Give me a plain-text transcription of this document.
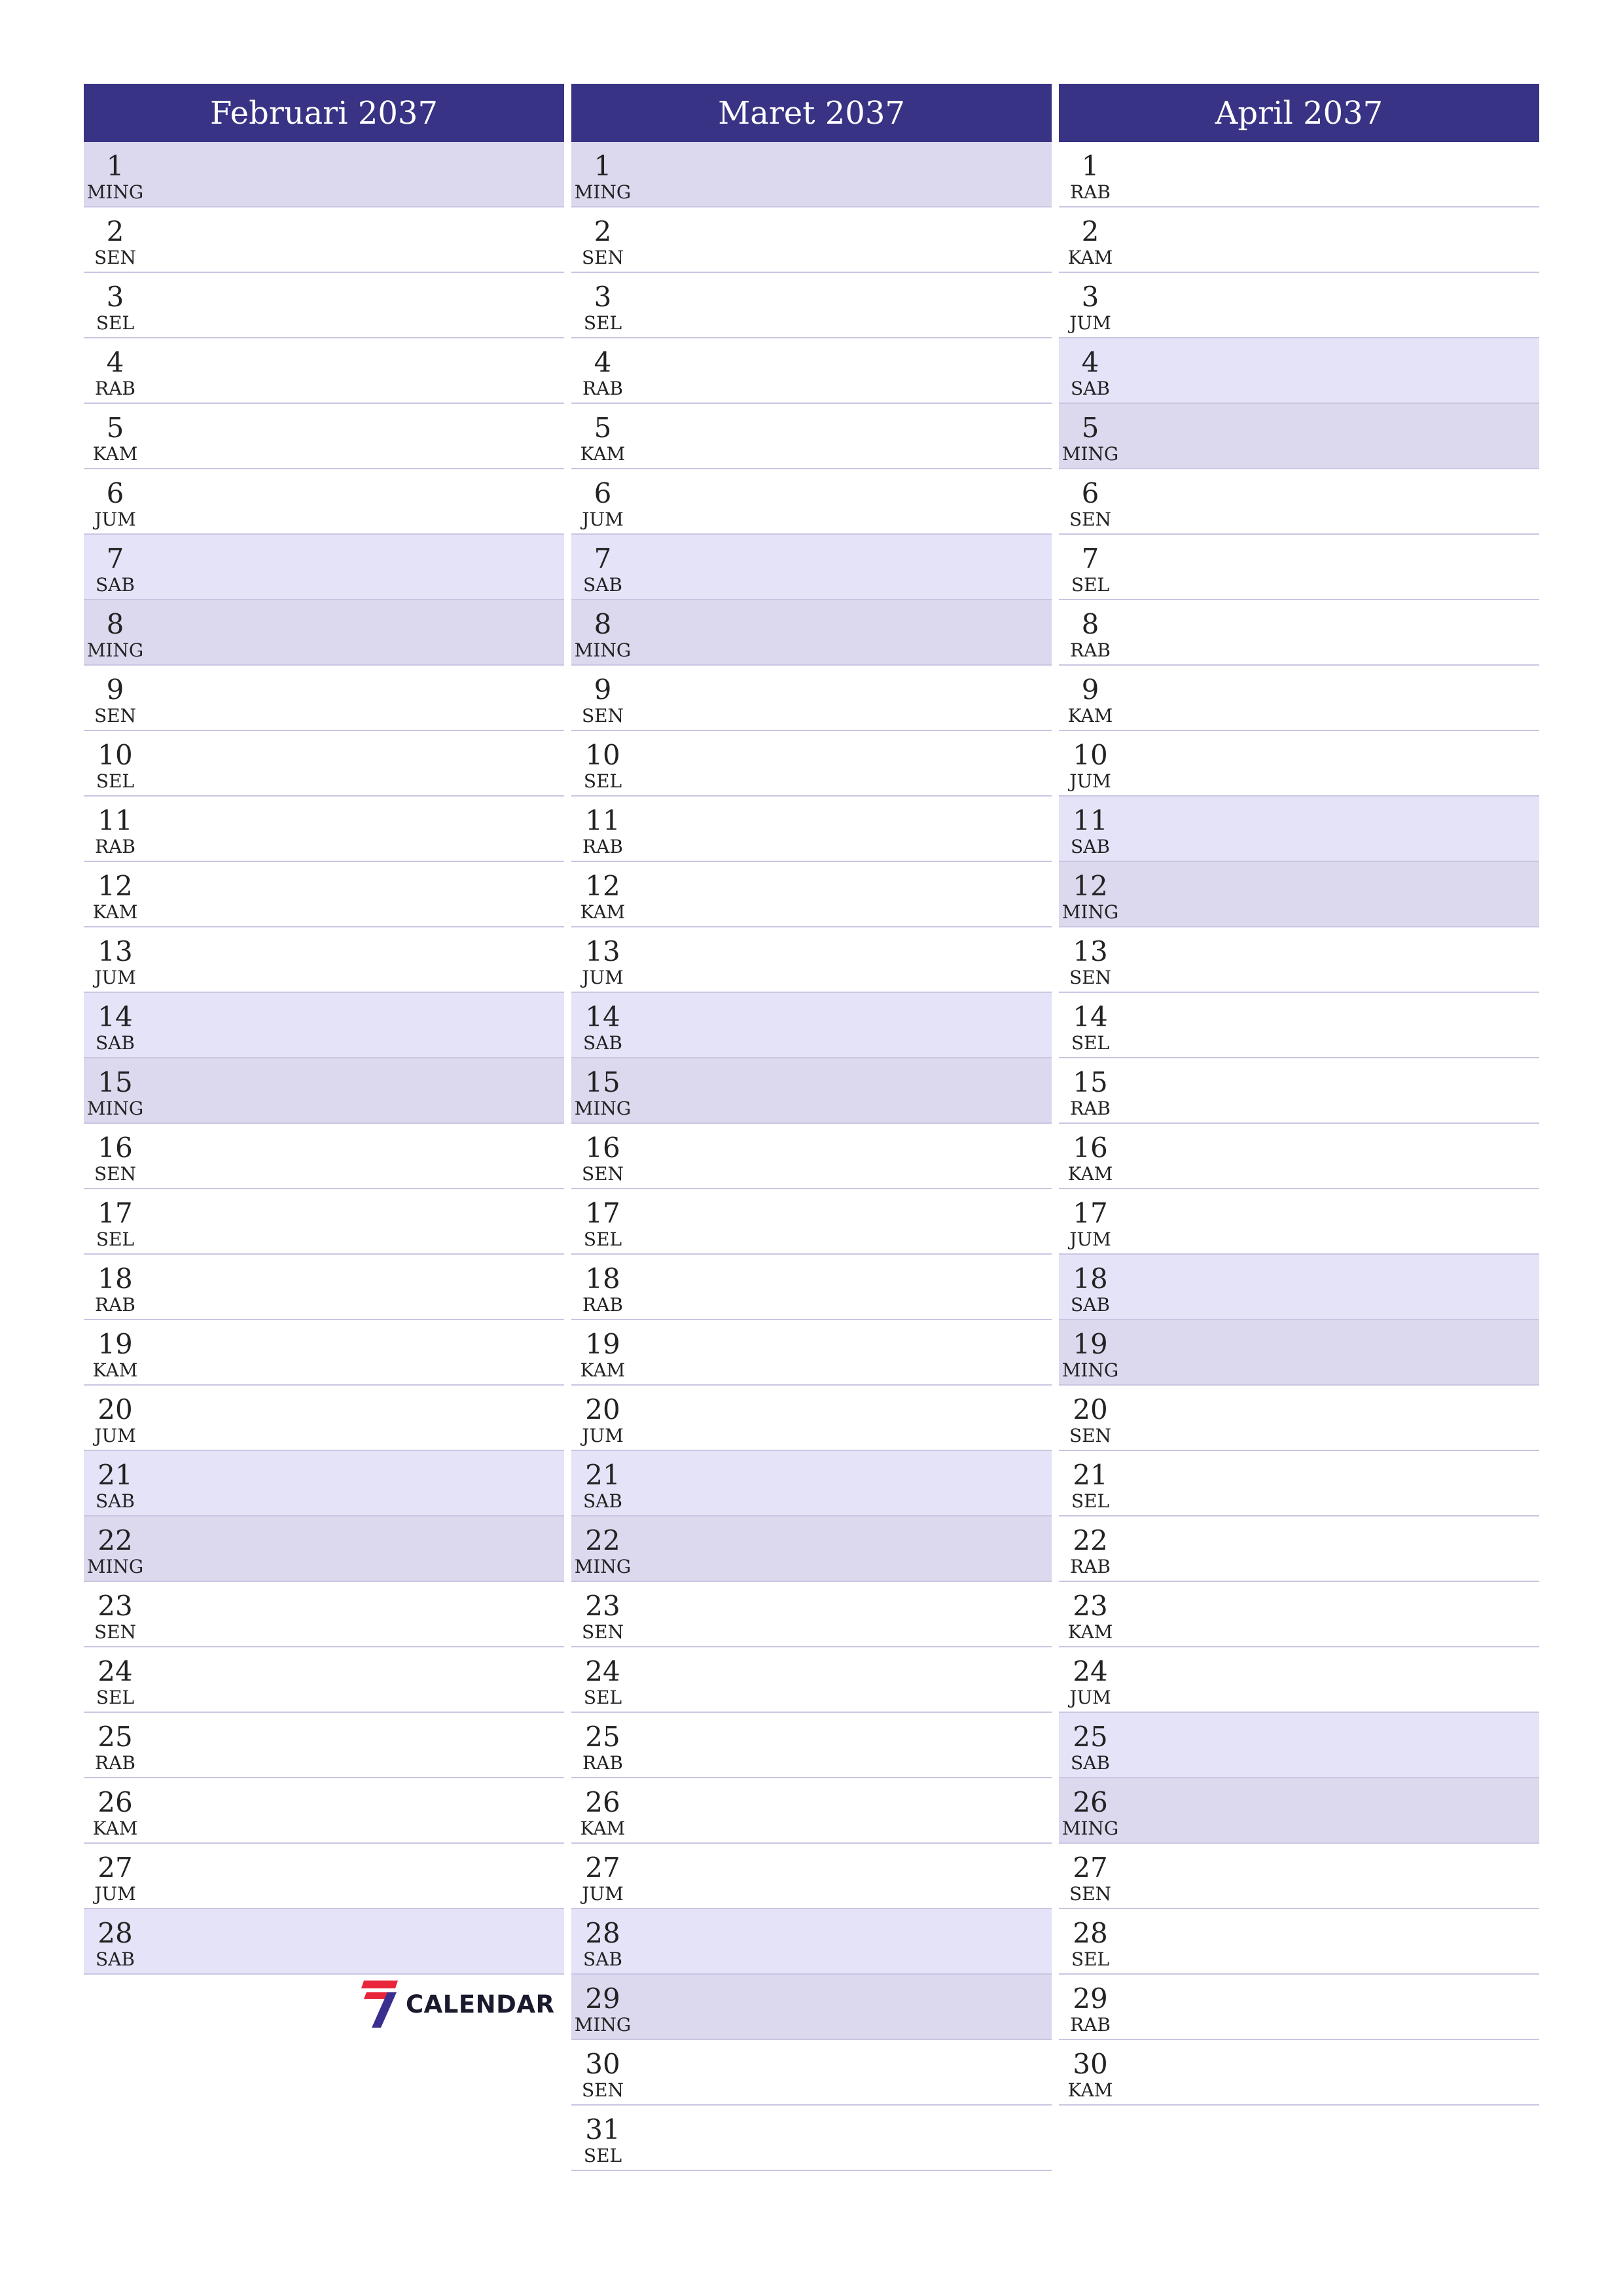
Februari 2037
1
MING
2
SEN
3
SEL
4
RAB
5
KAM
6
JUM
7
SAB
8
MING
9
SEN
10
SEL
11
RAB
12
KAM
13
JUM
14
SAB
15
MING
16
SEN
17
SEL
18
RAB
19
KAM
20
JUM
21
SAB
22
MING
23
SEN
24
SEL
25
RAB
26
KAM
27
JUM
28
SAB
Maret 2037
1
MING
2
SEN
3
SEL
4
RAB
5
KAM
6
JUM
7
SAB
8
MING
9
SEN
10
SEL
11
RAB
12
KAM
13
JUM
14
SAB
15
MING
16
SEN
17
SEL
18
RAB
19
KAM
20
JUM
21
SAB
22
MING
23
SEN
24
SEL
25
RAB
26
KAM
27
JUM
28
SAB
29
MING
30
SEN
31
SEL
April 2037
1
RAB
2
KAM
3
JUM
4
SAB
5
MING
6
SEN
7
SEL
8
RAB
9
KAM
10
JUM
11
SAB
12
MING
13
SEN
14
SEL
15
RAB
16
KAM
17
JUM
18
SAB
19
MING
20
SEN
21
SEL
22
RAB
23
KAM
24
JUM
25
SAB
26
MING
27
SEN
28
SEL
29
RAB
30
KAM
CALENDAR
